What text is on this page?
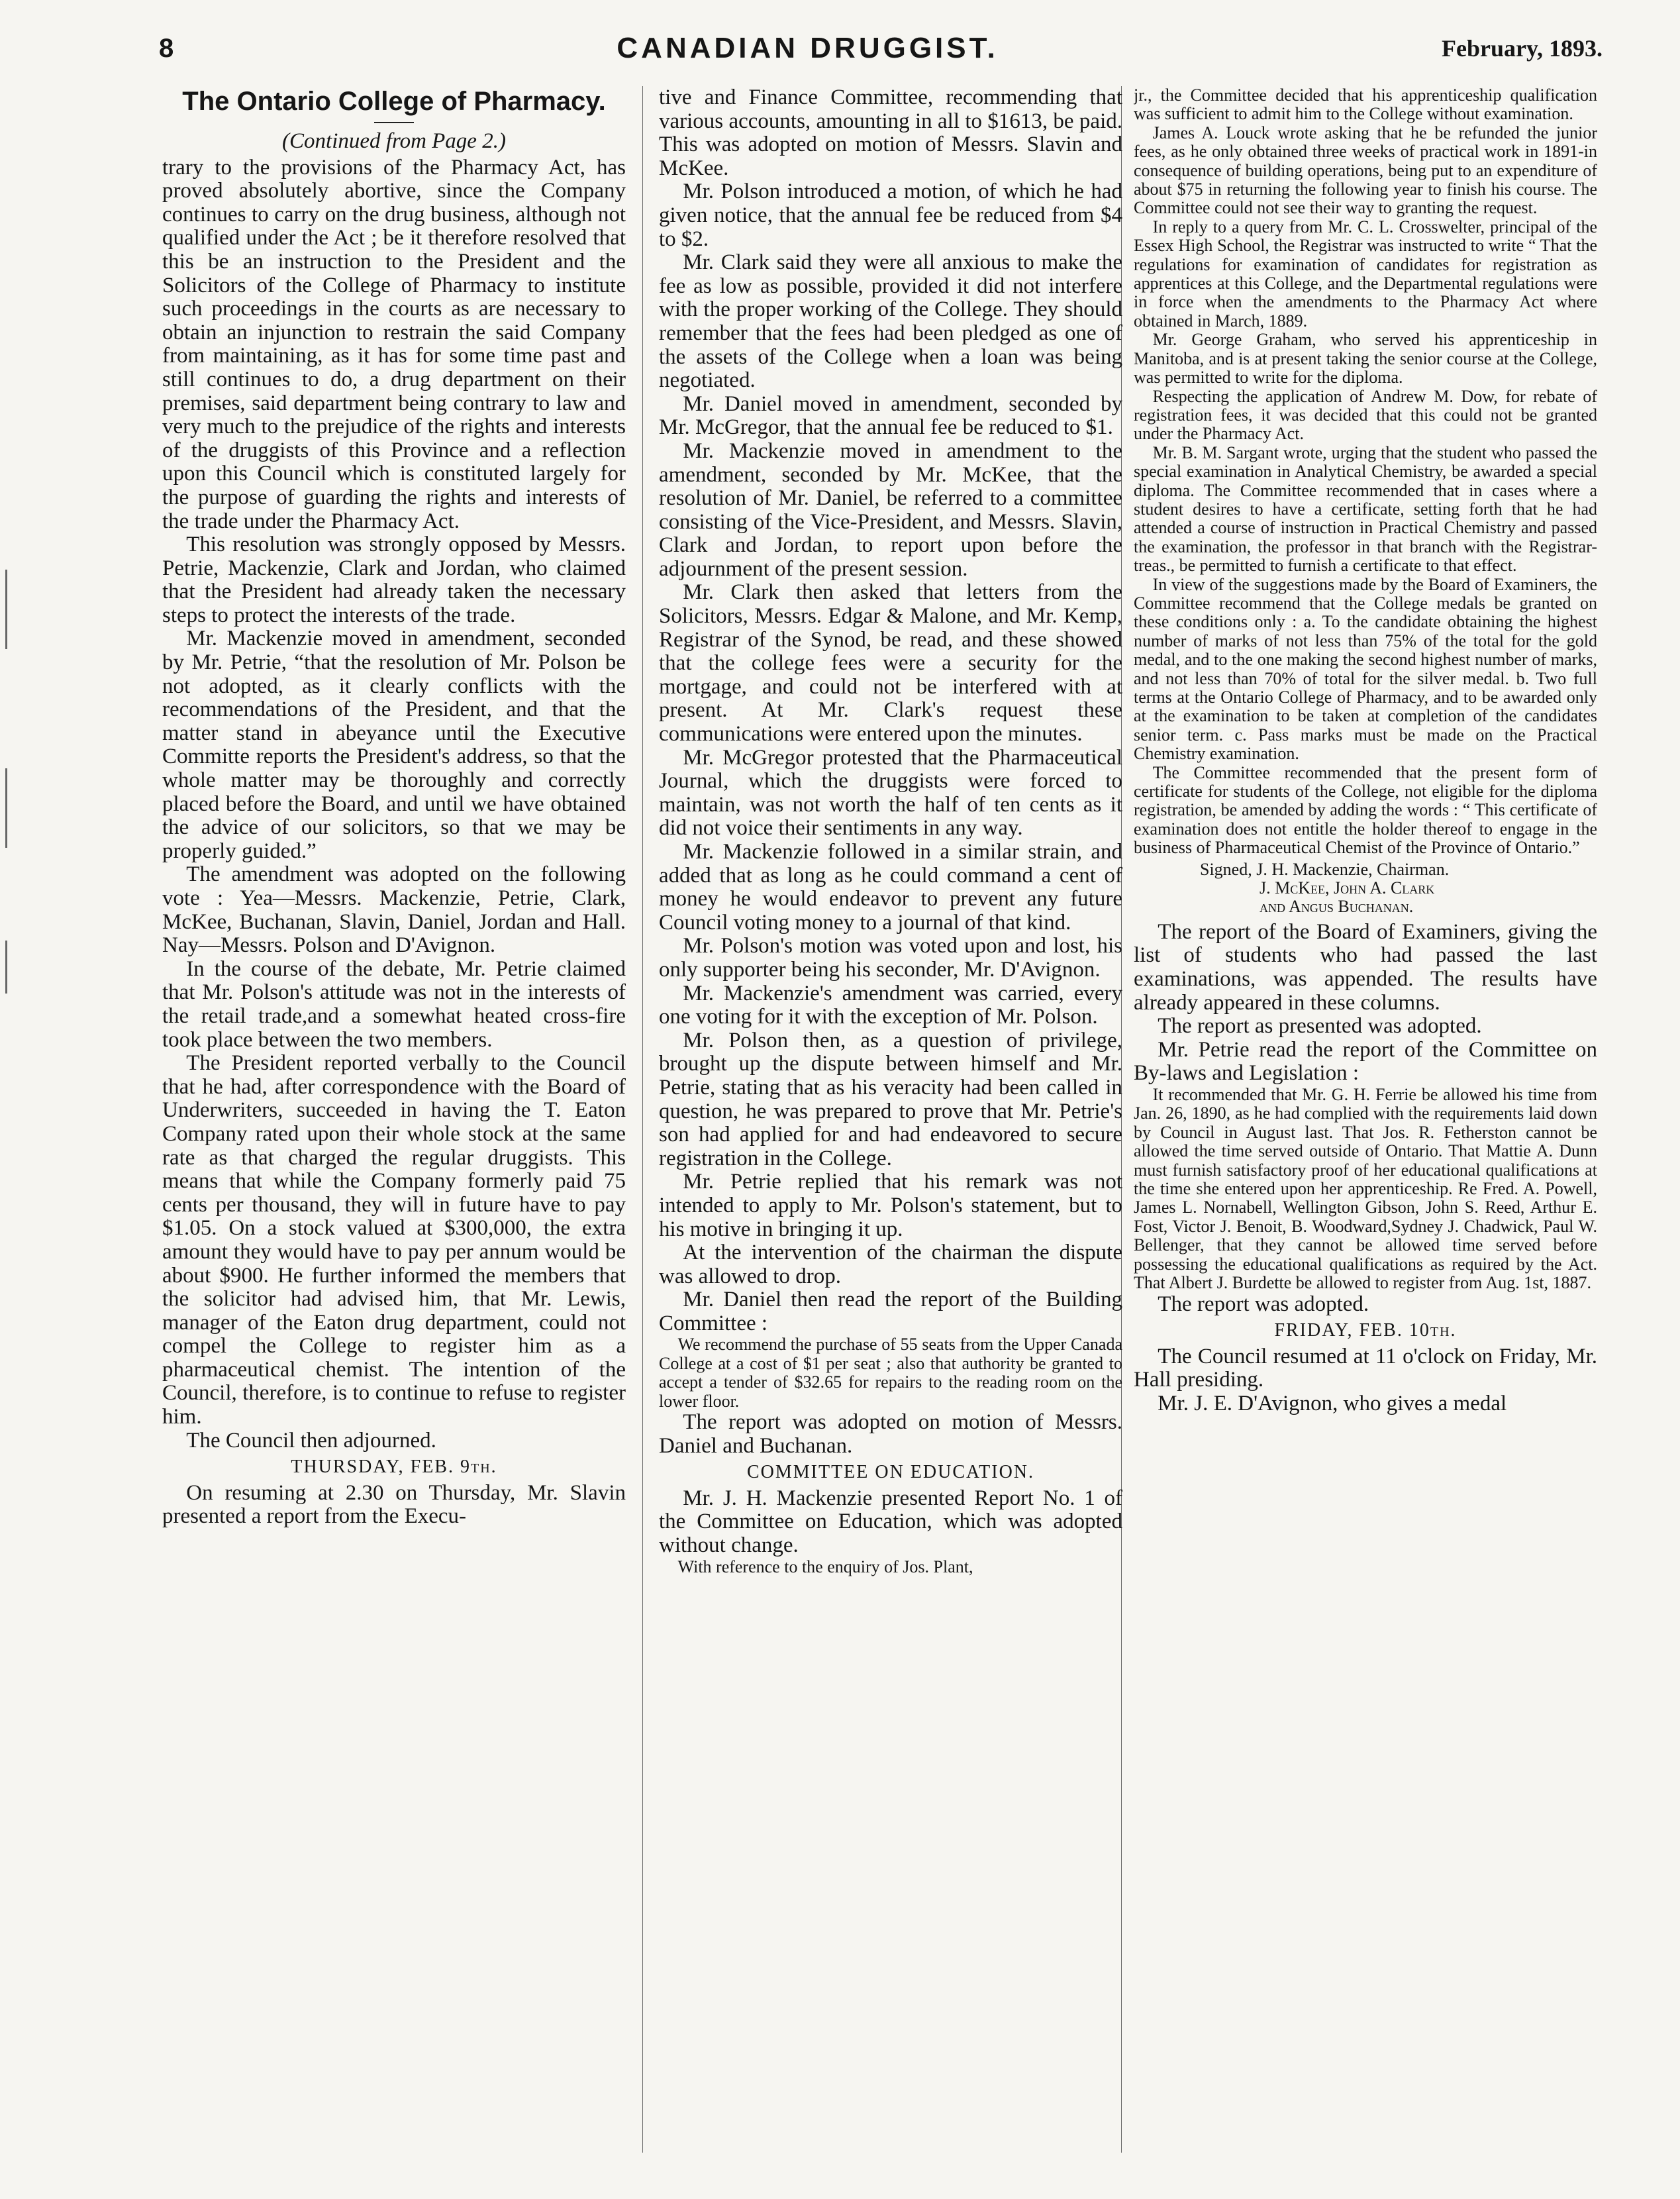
8	CANADIAN DRUGGIST.	February, 1893.
The Ontario College of Pharmacy.
(Continued from Page 2.)

trary to the provisions of the Pharmacy Act, has proved absolutely abortive, since the Company continues to carry on the drug business, although not qualified under the Act ; be it therefore resolved that this be an instruction to the President and the Solicitors of the College of Pharmacy to institute such proceedings in the courts as are necessary to obtain an injunction to restrain the said Company from maintaining, as it has for some time past and still continues to do, a drug department on their premises, said department being contrary to law and very much to the prejudice of the rights and interests of the druggists of this Province and a reflection upon this Council which is constituted largely for the purpose of guarding the rights and interests of the trade under the Pharmacy Act.

This resolution was strongly opposed by Messrs. Petrie, Mackenzie, Clark and Jordan, who claimed that the President had already taken the necessary steps to protect the interests of the trade.

Mr. Mackenzie moved in amendment, seconded by Mr. Petrie, “that the resolution of Mr. Polson be not adopted, as it clearly conflicts with the recommendations of the President, and that the matter stand in abeyance until the Executive Committe reports the President's address, so that the whole matter may be thoroughly and correctly placed before the Board, and until we have obtained the advice of our solicitors, so that we may be properly guided.”

The amendment was adopted on the following vote : Yea—Messrs. Mackenzie, Petrie, Clark, McKee, Buchanan, Slavin, Daniel, Jordan and Hall. Nay—Messrs. Polson and D'Avignon.

In the course of the debate, Mr. Petrie claimed that Mr. Polson's attitude was not in the interests of the retail trade,and a somewhat heated cross-fire took place between the two members.

The President reported verbally to the Council that he had, after correspondence with the Board of Underwriters, succeeded in having the T. Eaton Company rated upon their whole stock at the same rate as that charged the regular druggists. This means that while the Company formerly paid 75 cents per thousand, they will in future have to pay $1.05. On a stock valued at $300,000, the extra amount they would have to pay per annum would be about $900. He further informed the members that the solicitor had advised him, that Mr. Lewis, manager of the Eaton drug department, could not compel the College to register him as a pharmaceutical chemist. The intention of the Council, therefore, is to continue to refuse to register him.

The Council then adjourned.

THURSDAY, FEB. 9th.

On resuming at 2.30 on Thursday, Mr. Slavin presented a report from the Execu-

tive and Finance Committee, recommending that various accounts, amounting in all to $1613, be paid. This was adopted on motion of Messrs. Slavin and McKee.

Mr. Polson introduced a motion, of which he had given notice, that the annual fee be reduced from $4 to $2.

Mr. Clark said they were all anxious to make the fee as low as possible, provided it did not interfere with the proper working of the College. They should remember that the fees had been pledged as one of the assets of the College when a loan was being negotiated.

Mr. Daniel moved in amendment, seconded by Mr. McGregor, that the annual fee be reduced to $1.

Mr. Mackenzie moved in amendment to the amendment, seconded by Mr. McKee, that the resolution of Mr. Daniel, be referred to a committee consisting of the Vice-President, and Messrs. Slavin, Clark and Jordan, to report upon before the adjournment of the present session.

Mr. Clark then asked that letters from the Solicitors, Messrs. Edgar & Malone, and Mr. Kemp, Registrar of the Synod, be read, and these showed that the college fees were a security for the mortgage, and could not be interfered with at present. At Mr. Clark's request these communications were entered upon the minutes.

Mr. McGregor protested that the Pharmaceutical Journal, which the druggists were forced to maintain, was not worth the half of ten cents as it did not voice their sentiments in any way.

Mr. Mackenzie followed in a similar strain, and added that as long as he could command a cent of money he would endeavor to prevent any future Council voting money to a journal of that kind.

Mr. Polson's motion was voted upon and lost, his only supporter being his seconder, Mr. D'Avignon.

Mr. Mackenzie's amendment was carried, every one voting for it with the exception of Mr. Polson.

Mr. Polson then, as a question of privilege, brought up the dispute between himself and Mr. Petrie, stating that as his veracity had been called in question, he was prepared to prove that Mr. Petrie's son had applied for and had endeavored to secure registration in the College.

Mr. Petrie replied that his remark was not intended to apply to Mr. Polson's statement, but to his motive in bringing it up.

At the intervention of the chairman the dispute was allowed to drop.

Mr. Daniel then read the report of the Building Committee :

We recommend the purchase of 55 seats from the Upper Canada College at a cost of $1 per seat ; also that authority be granted to accept a tender of $32.65 for repairs to the reading room on the lower floor.

The report was adopted on motion of Messrs. Daniel and Buchanan.

COMMITTEE ON EDUCATION.

Mr. J. H. Mackenzie presented Report No. 1 of the Committee on Education, which was adopted without change.

With reference to the enquiry of Jos. Plant,

jr., the Committee decided that his apprenticeship qualification was sufficient to admit him to the College without examination.

James A. Louck wrote asking that he be refunded the junior fees, as he only obtained three weeks of practical work in 1891-in consequence of building operations, being put to an expenditure of about $75 in returning the following year to finish his course. The Committee could not see their way to granting the request.

In reply to a query from Mr. C. L. Crosswelter, principal of the Essex High School, the Registrar was instructed to write “ That the regulations for examination of candidates for registration as apprentices at this College, and the Departmental regulations were in force when the amendments to the Pharmacy Act where obtained in March, 1889.

Mr. George Graham, who served his apprenticeship in Manitoba, and is at present taking the senior course at the College, was permitted to write for the diploma.

Respecting the application of Andrew M. Dow, for rebate of registration fees, it was decided that this could not be granted under the Pharmacy Act.

Mr. B. M. Sargant wrote, urging that the student who passed the special examination in Analytical Chemistry, be awarded a special diploma. The Committee recommended that in cases where a student desires to have a certificate, setting forth that he had attended a course of instruction in Practical Chemistry and passed the examination, the professor in that branch with the Registrar-treas., be permitted to furnish a certificate to that effect.

In view of the suggestions made by the Board of Examiners, the Committee recommend that the College medals be granted on these conditions only : a. To the candidate obtaining the highest number of marks of not less than 75% of the total for the gold medal, and to the one making the second highest number of marks, and not less than 70% of total for the silver medal. b. Two full terms at the Ontario College of Pharmacy, and to be awarded only at the examination to be taken at completion of the candidates senior term. c. Pass marks must be made on the Practical Chemistry examination.

The Committee recommended that the present form of certificate for students of the College, not eligible for the diploma registration, be amended by adding the words : “ This certificate of examination does not entitle the holder thereof to engage in the business of Pharmaceutical Chemist of the Province of Ontario.”

Signed, J. H. Mackenzie, Chairman.
J. McKee, John A. Clark
and Angus Buchanan.

The report of the Board of Examiners, giving the list of students who had passed the last examinations, was appended. The results have already appeared in these columns.

The report as presented was adopted.

Mr. Petrie read the report of the Committee on By-laws and Legislation :

It recommended that Mr. G. H. Ferrie be allowed his time from Jan. 26, 1890, as he had complied with the requirements laid down by Council in August last. That Jos. R. Fetherston cannot be allowed the time served outside of Ontario. That Mattie A. Dunn must furnish satisfactory proof of her educational qualifications at the time she entered upon her apprenticeship. Re Fred. A. Powell, James L. Nornabell, Wellington Gibson, John S. Reed, Arthur E. Fost, Victor J. Benoit, B. Woodward,Sydney J. Chadwick, Paul W. Bellenger, that they cannot be allowed time served before possessing the educational qualifications as required by the Act. That Albert J. Burdette be allowed to register from Aug. 1st, 1887.

The report was adopted.

FRIDAY, FEB. 10th.

The Council resumed at 11 o'clock on Friday, Mr. Hall presiding.

Mr. J. E. D'Avignon, who gives a medal
